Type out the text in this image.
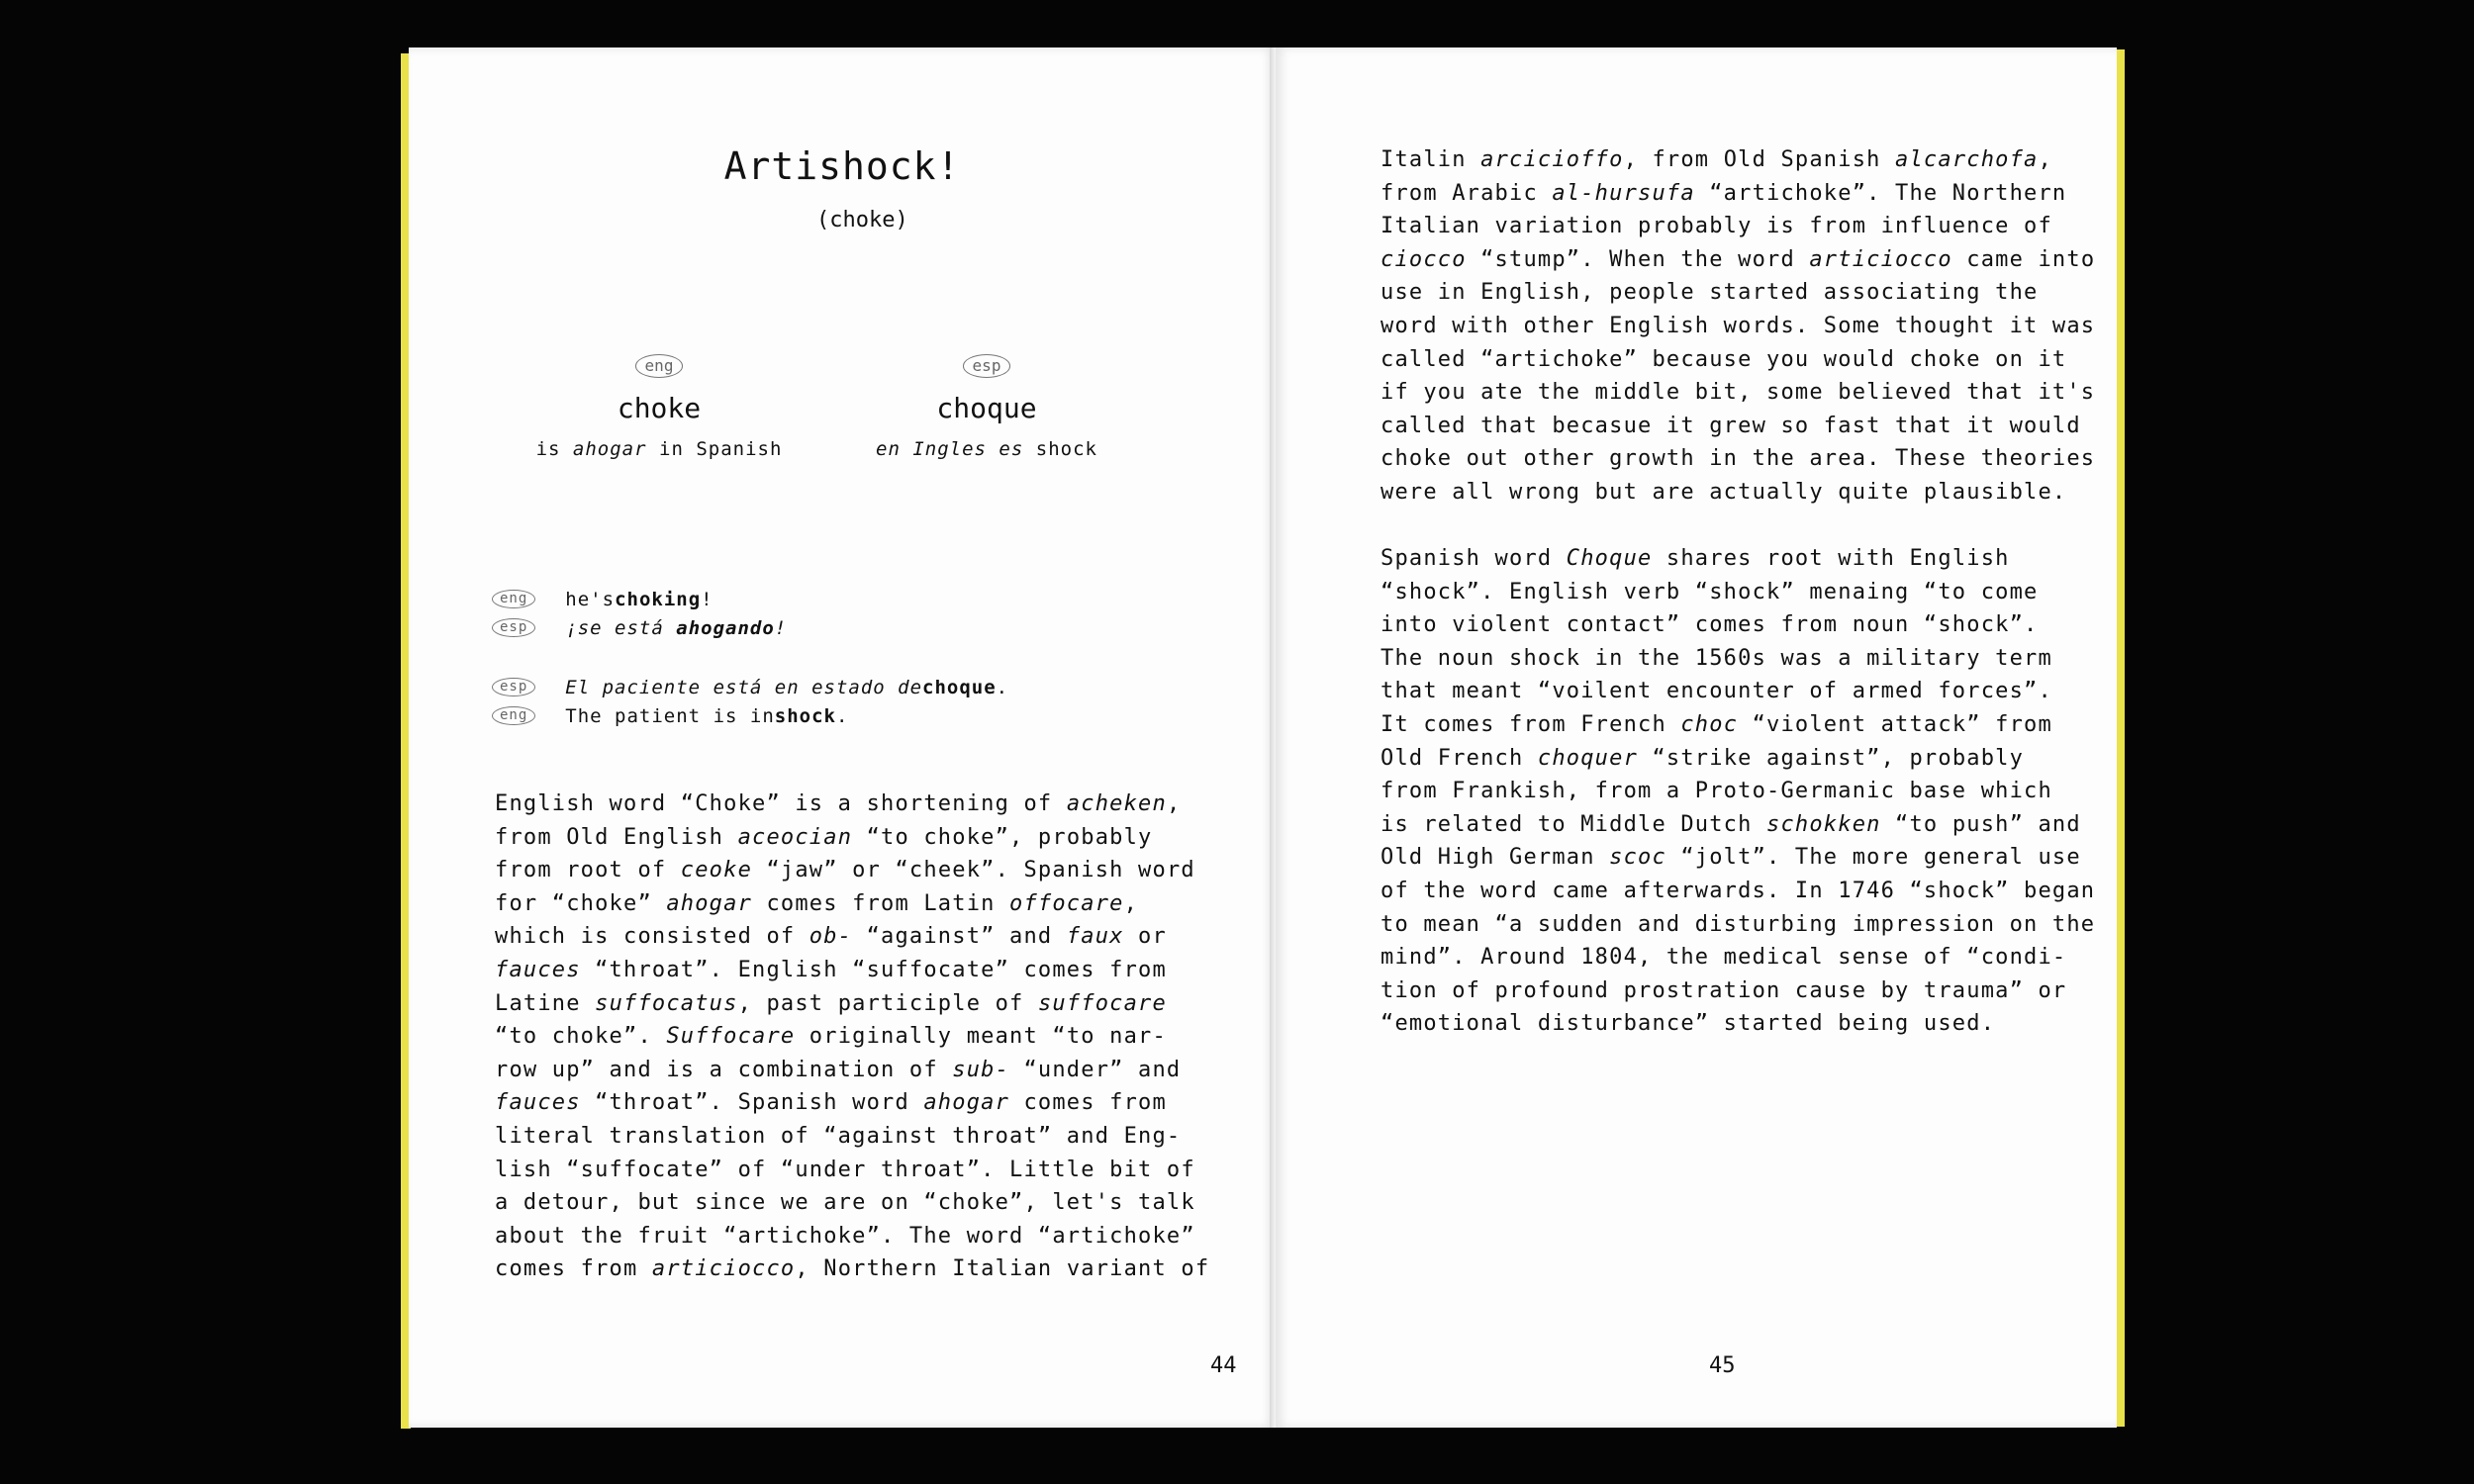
Artishock!
(choke)
eng
choke
is ahogar in Spanish
esp
choque
en Ingles es shock
eng	he's choking !
esp	¡se está ahogando!
esp	El paciente está en estado de choque .
eng	The patient is in shock .
English word “Choke” is a shortening of acheken,
from Old English aceocian “to choke”, probably
from root of ceoke “jaw” or “cheek”. Spanish word
for “choke” ahogar comes from Latin offocare,
which is consisted of ob- “against” and faux or
fauces “throat”. English “suffocate” comes from
Latine suffocatus, past participle of suffocare
“to choke”. Suffocare originally meant “to nar-
row up” and is a combination of sub- “under” and
fauces “throat”. Spanish word ahogar comes from
literal translation of “against throat” and Eng-
lish “suffocate” of “under throat”. Little bit of
a detour, but since we are on “choke”, let's talk
about the fruit “artichoke”. The word “artichoke”
comes from articiocco, Northern Italian variant of
44
Italin arcicioffo, from Old Spanish alcarchofa,
from Arabic al-hursufa “artichoke”. The Northern
Italian variation probably is from influence of
ciocco “stump”. When the word articiocco came into
use in English, people started associating the
word with other English words. Some thought it was
called “artichoke” because you would choke on it
if you ate the middle bit, some believed that it's
called that becasue it grew so fast that it would
choke out other growth in the area. These theories
were all wrong but are actually quite plausible.
Spanish word Choque shares root with English
“shock”. English verb “shock” menaing “to come
into violent contact” comes from noun “shock”.
The noun shock in the 1560s was a military term
that meant “voilent encounter of armed forces”.
It comes from French choc “violent attack” from
Old French choquer “strike against”, probably
from Frankish, from a Proto-Germanic base which
is related to Middle Dutch schokken “to push” and
Old High German scoc “jolt”. The more general use
of the word came afterwards. In 1746 “shock” began
to mean “a sudden and disturbing impression on the
mind”. Around 1804, the medical sense of “condi-
tion of profound prostration cause by trauma” or
“emotional disturbance” started being used.
45
